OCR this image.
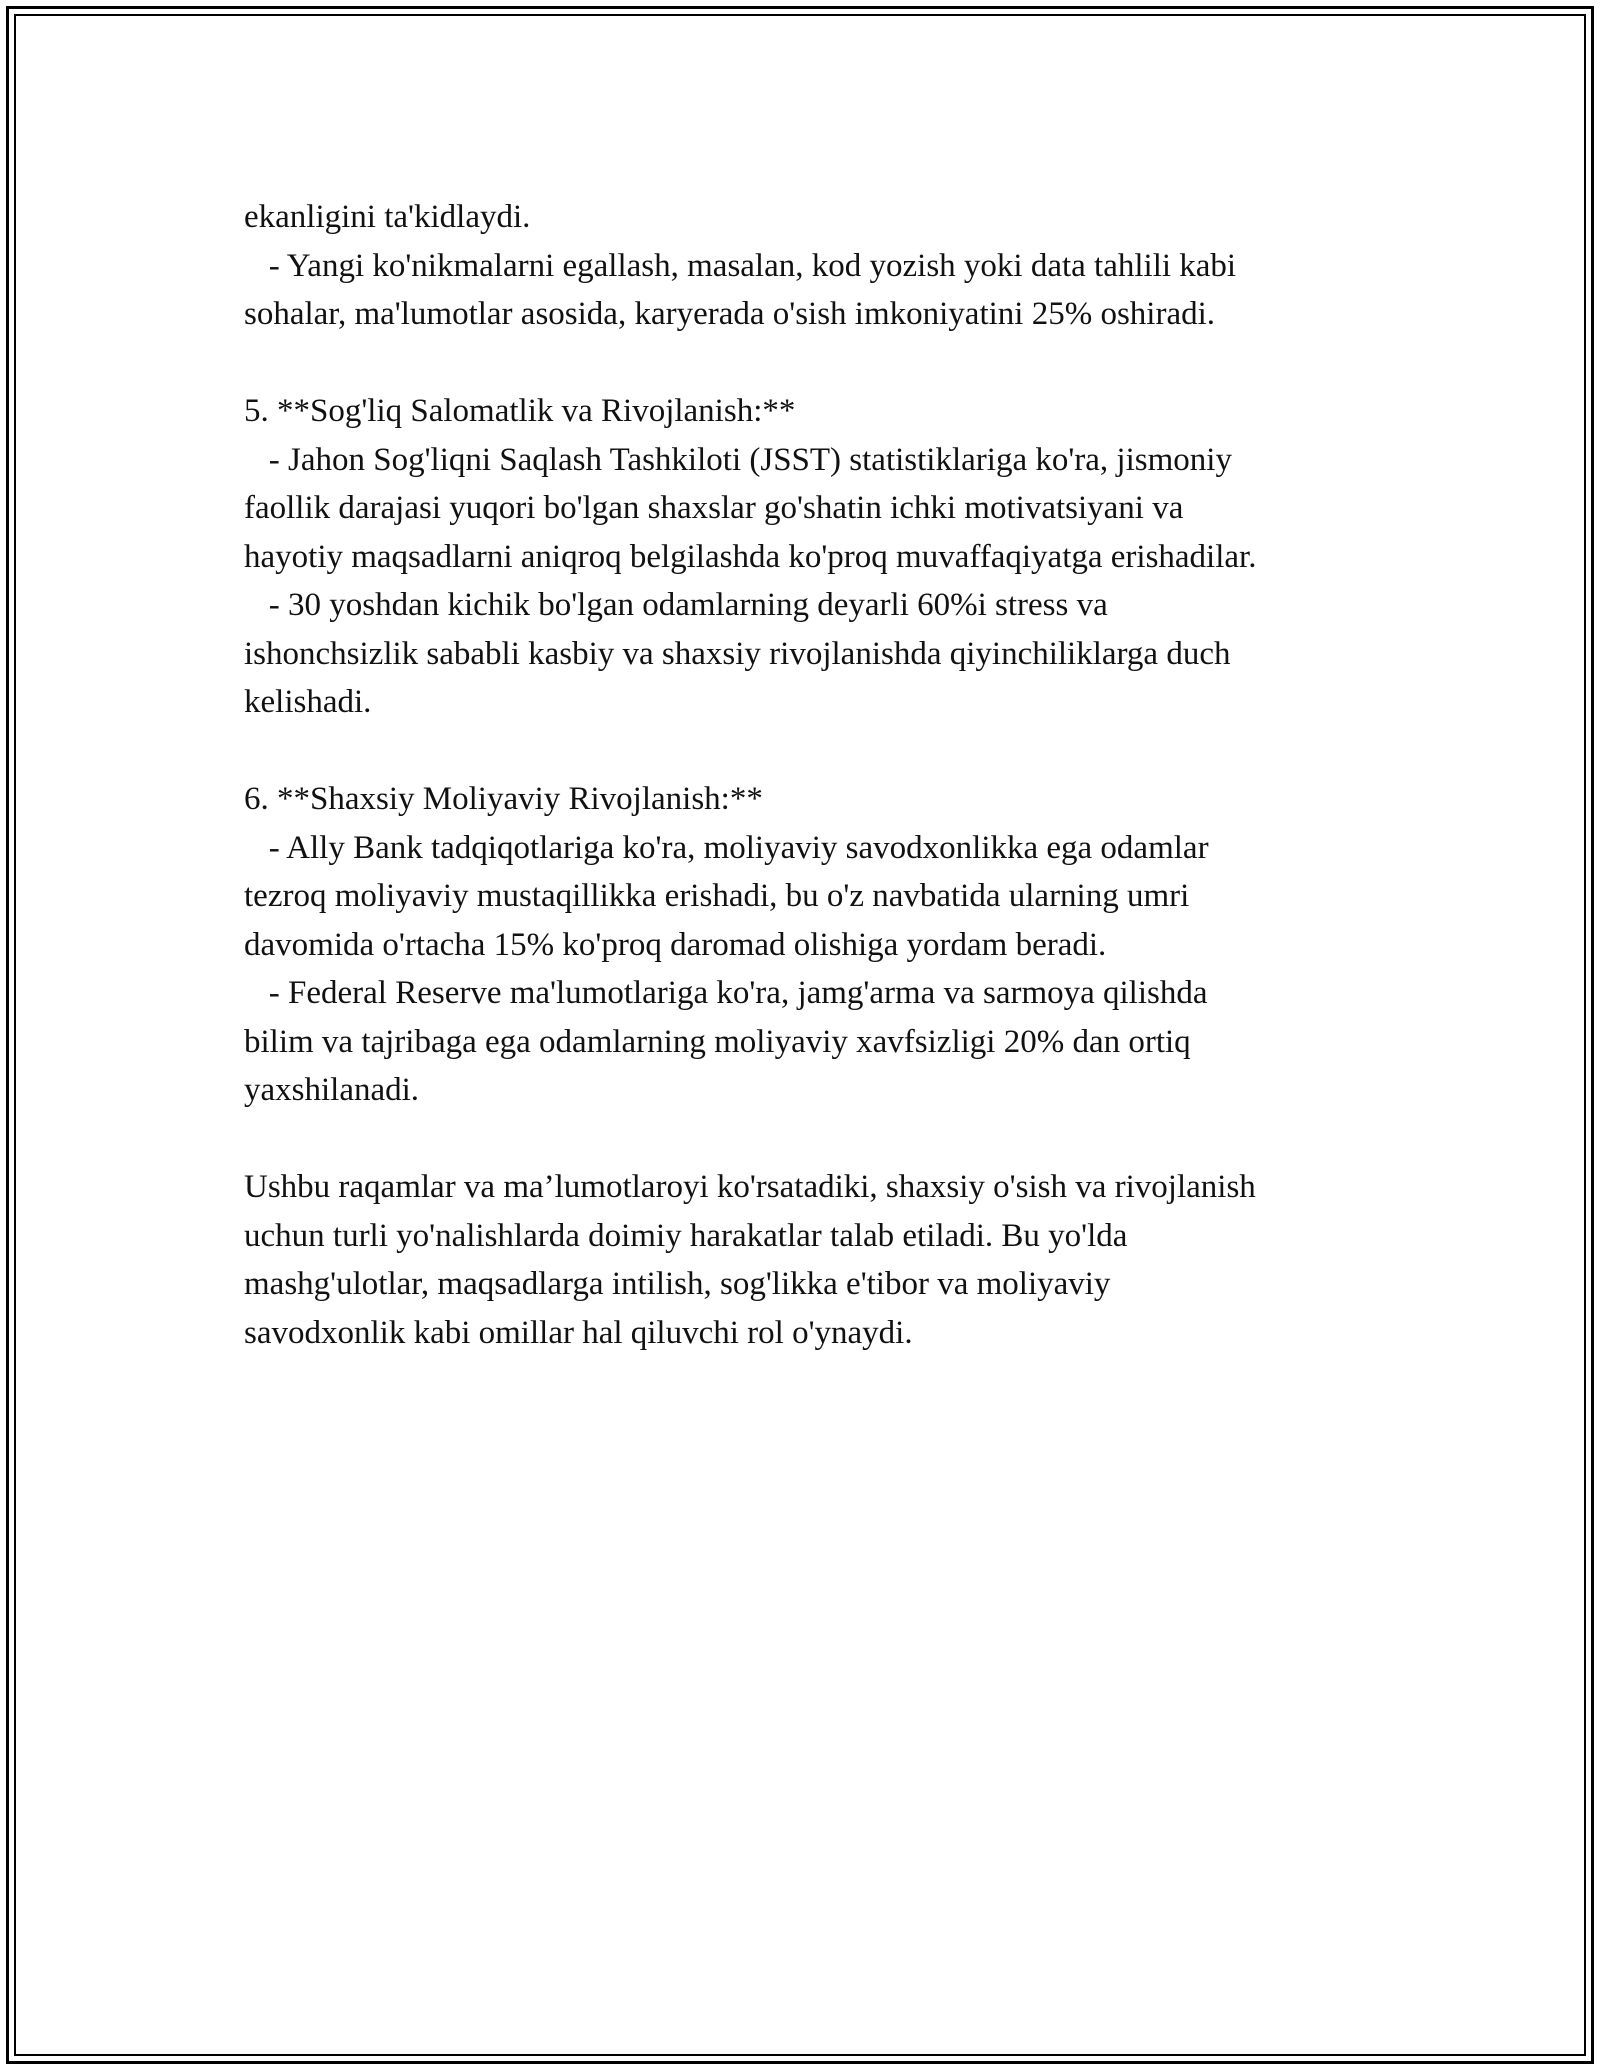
ekanligini ta'kidlaydi.
- Yangi ko'nikmalarni egallash, masalan, kod yozish yoki data tahlili kabi
sohalar, ma'lumotlar asosida, karyerada o'sish imkoniyatini 25% oshiradi.
5. **Sog'liq Salomatlik va Rivojlanish:**
- Jahon Sog'liqni Saqlash Tashkiloti (JSST) statistiklariga ko'ra, jismoniy
faollik darajasi yuqori bo'lgan shaxslar go'shatin ichki motivatsiyani va
hayotiy maqsadlarni aniqroq belgilashda ko'proq muvaffaqiyatga erishadilar.
- 30 yoshdan kichik bo'lgan odamlarning deyarli 60%i stress va
ishonchsizlik sababli kasbiy va shaxsiy rivojlanishda qiyinchiliklarga duch
kelishadi.
6. **Shaxsiy Moliyaviy Rivojlanish:**
- Ally Bank tadqiqotlariga ko'ra, moliyaviy savodxonlikka ega odamlar
tezroq moliyaviy mustaqillikka erishadi, bu o'z navbatida ularning umri
davomida o'rtacha 15% ko'proq daromad olishiga yordam beradi.
- Federal Reserve ma'lumotlariga ko'ra, jamg'arma va sarmoya qilishda
bilim va tajribaga ega odamlarning moliyaviy xavfsizligi 20% dan ortiq
yaxshilanadi.
Ushbu raqamlar va ma’lumotlaroyi ko'rsatadiki, shaxsiy o'sish va rivojlanish
uchun turli yo'nalishlarda doimiy harakatlar talab etiladi. Bu yo'lda
mashg'ulotlar, maqsadlarga intilish, sog'likka e'tibor va moliyaviy
savodxonlik kabi omillar hal qiluvchi rol o'ynaydi.
